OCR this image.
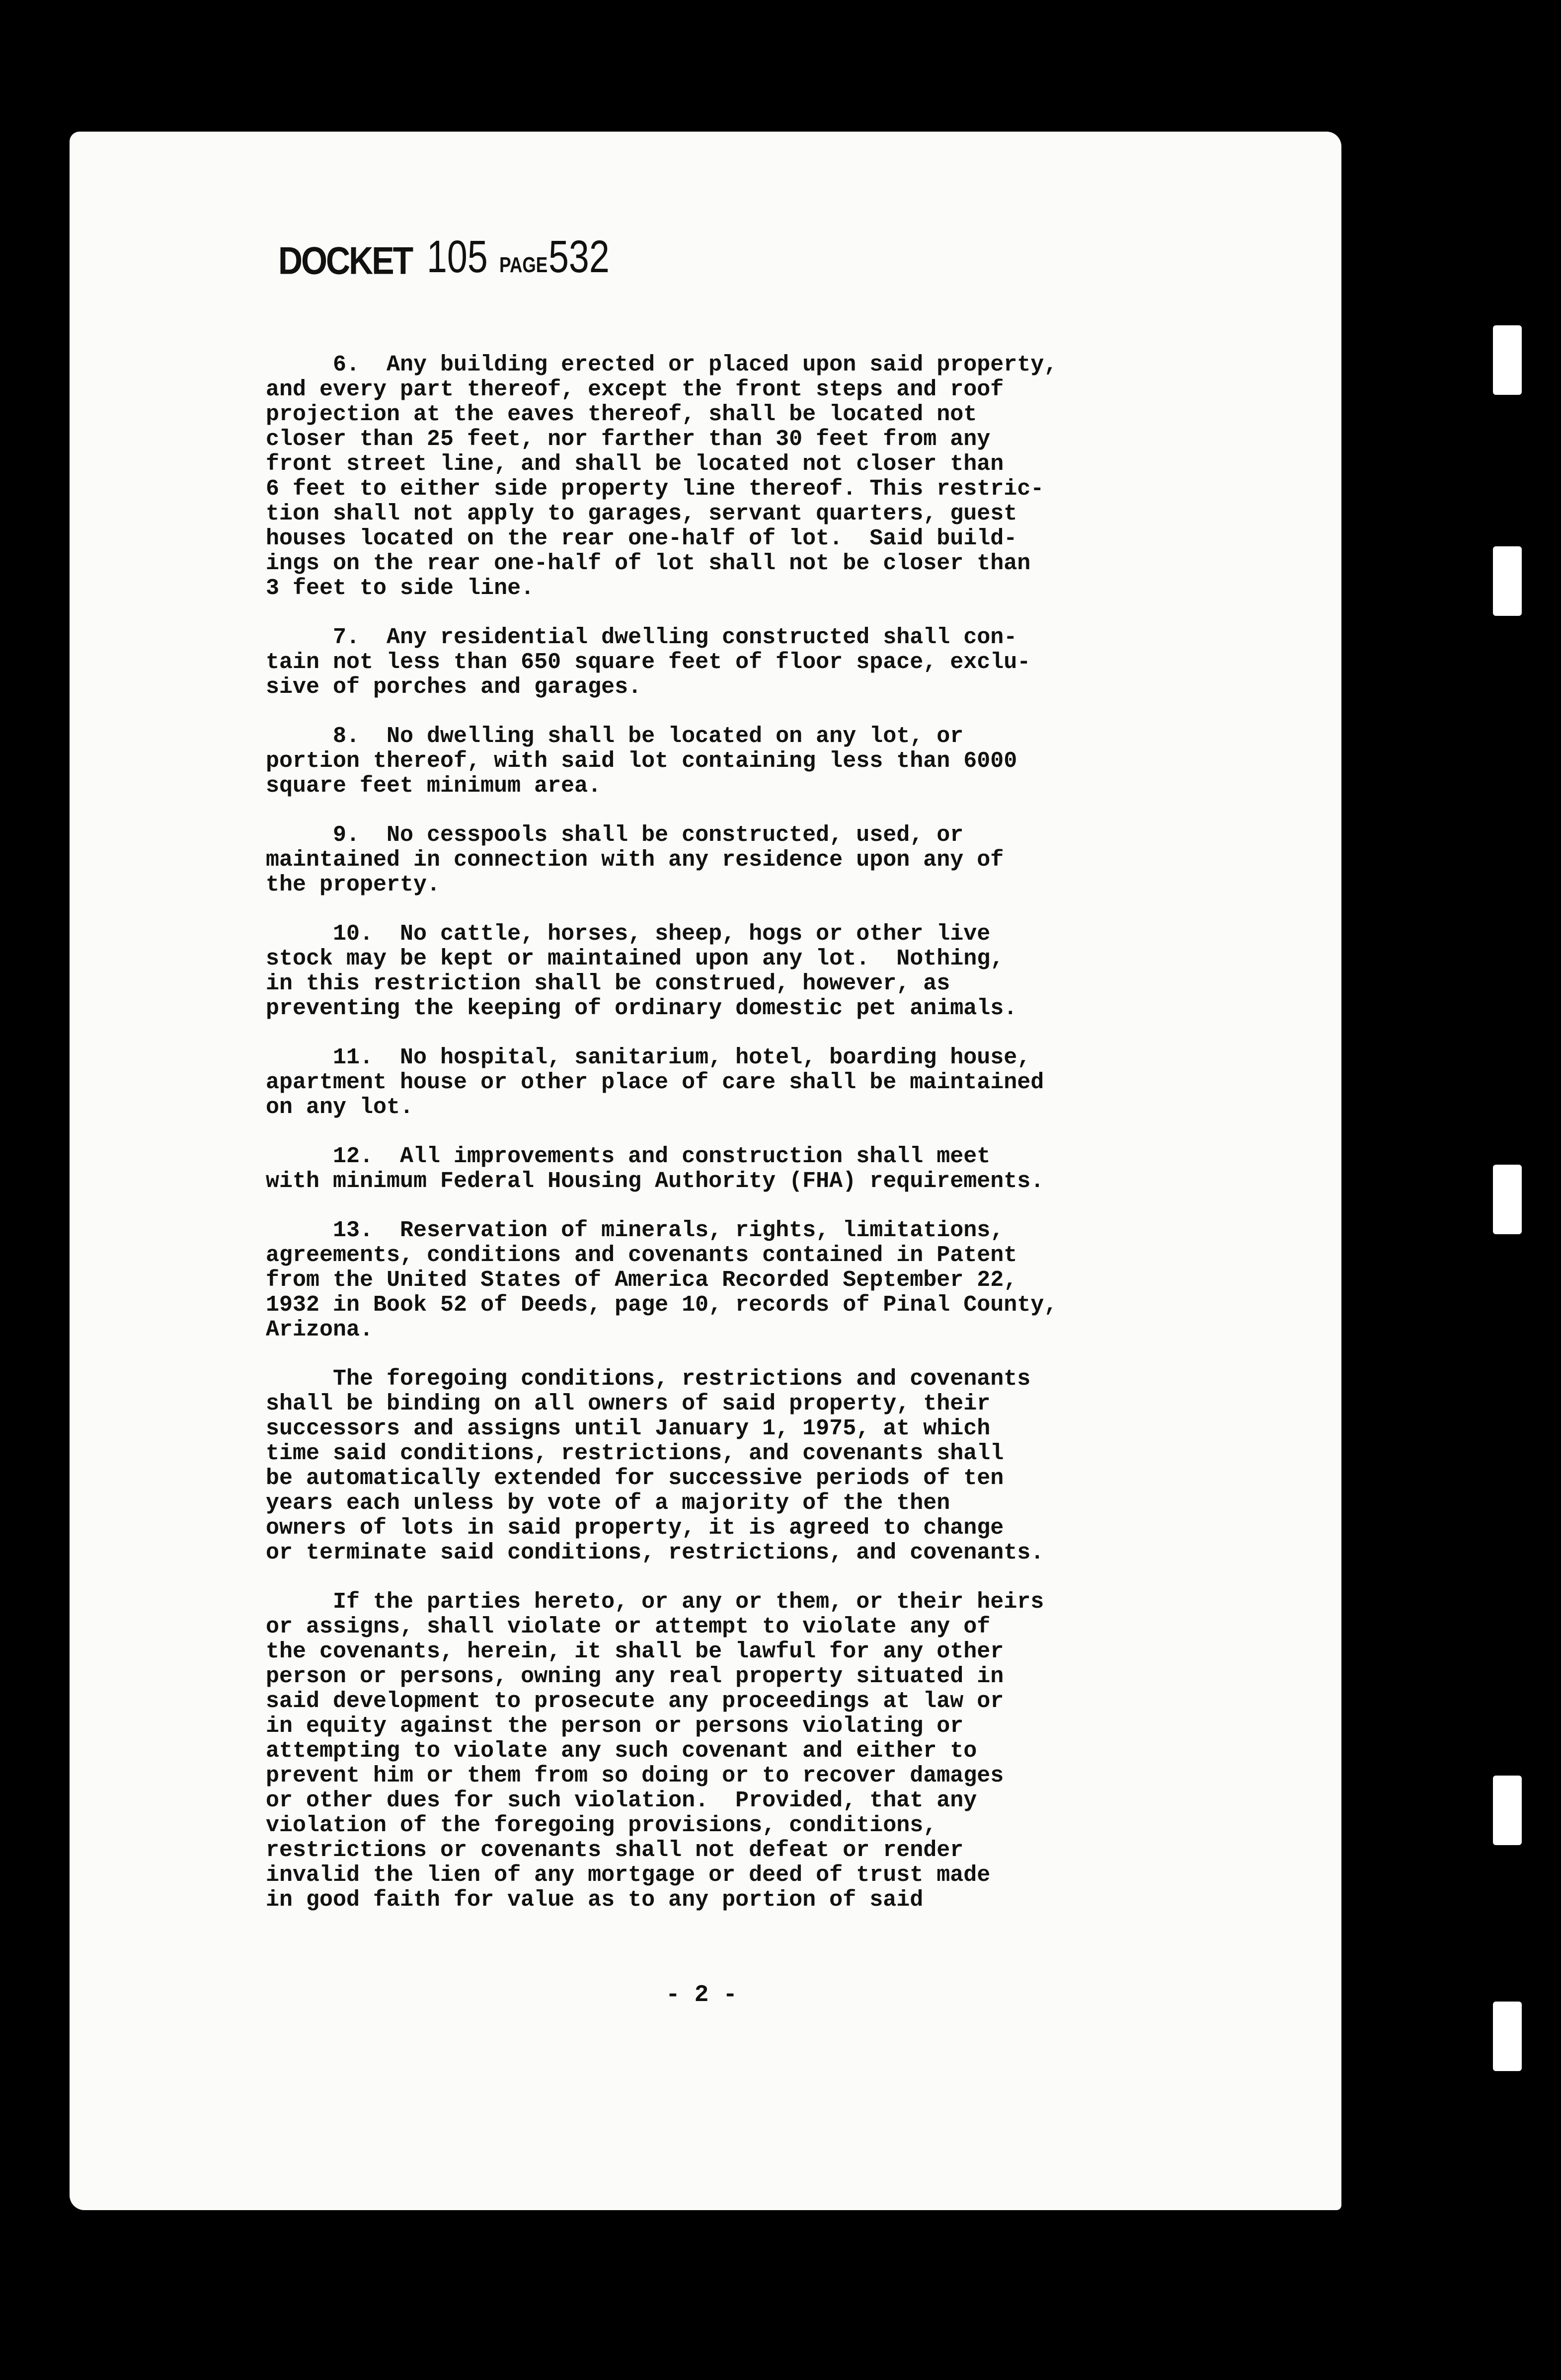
DOCKET 105 PAGE532

6.  Any building erected or placed upon said property,
and every part thereof, except the front steps and roof
projection at the eaves thereof, shall be located not
closer than 25 feet, nor farther than 30 feet from any
front street line, and shall be located not closer than
6 feet to either side property line thereof. This restric-
tion shall not apply to garages, servant quarters, guest
houses located on the rear one-half of lot.  Said build-
ings on the rear one-half of lot shall not be closer than
3 feet to side line.

7.  Any residential dwelling constructed shall con-
tain not less than 650 square feet of floor space, exclu-
sive of porches and garages.

8.  No dwelling shall be located on any lot, or
portion thereof, with said lot containing less than 6000
square feet minimum area.

9.  No cesspools shall be constructed, used, or
maintained in connection with any residence upon any of
the property.

10.  No cattle, horses, sheep, hogs or other live
stock may be kept or maintained upon any lot.  Nothing,
in this restriction shall be construed, however, as
preventing the keeping of ordinary domestic pet animals.

11.  No hospital, sanitarium, hotel, boarding house,
apartment house or other place of care shall be maintained
on any lot.

12.  All improvements and construction shall meet
with minimum Federal Housing Authority (FHA) requirements.

13.  Reservation of minerals, rights, limitations,
agreements, conditions and covenants contained in Patent
from the United States of America Recorded September 22,
1932 in Book 52 of Deeds, page 10, records of Pinal County,
Arizona.

The foregoing conditions, restrictions and covenants
shall be binding on all owners of said property, their
successors and assigns until January 1, 1975, at which
time said conditions, restrictions, and covenants shall
be automatically extended for successive periods of ten
years each unless by vote of a majority of the then
owners of lots in said property, it is agreed to change
or terminate said conditions, restrictions, and covenants.

If the parties hereto, or any or them, or their heirs
or assigns, shall violate or attempt to violate any of
the covenants, herein, it shall be lawful for any other
person or persons, owning any real property situated in
said development to prosecute any proceedings at law or
in equity against the person or persons violating or
attempting to violate any such covenant and either to
prevent him or them from so doing or to recover damages
or other dues for such violation.  Provided, that any
violation of the foregoing provisions, conditions,
restrictions or covenants shall not defeat or render
invalid the lien of any mortgage or deed of trust made
in good faith for value as to any portion of said

- 2 -
